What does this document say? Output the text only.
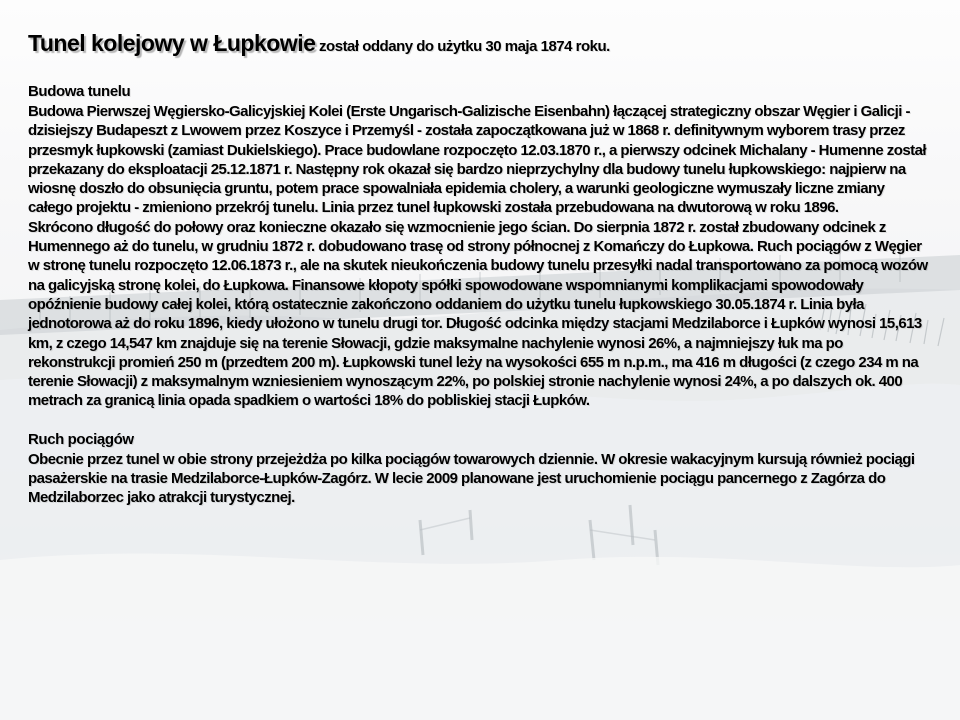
Tunel kolejowy w Łupkowie został oddany do użytku 30 maja 1874 roku.
Budowa tunelu
Budowa Pierwszej Węgiersko-Galicyjskiej Kolei (Erste Ungarisch-Galizische Eisenbahn) łączącej strategiczny obszar Węgier i Galicji - dzisiejszy Budapeszt z Lwowem przez Koszyce i Przemyśl - została zapoczątkowana już w 1868 r. definitywnym wyborem trasy przez przesmyk łupkowski (zamiast Dukielskiego). Prace budowlane rozpoczęto 12.03.1870 r., a pierwszy odcinek Michalany - Humenne został przekazany do eksploatacji 25.12.1871 r. Następny rok okazał się bardzo nieprzychylny dla budowy tunelu łupkowskiego: najpierw na wiosnę doszło do obsunięcia gruntu, potem prace spowalniała epidemia cholery, a warunki geologiczne wymuszały liczne zmiany całego projektu - zmieniono przekrój tunelu. Linia przez tunel łupkowski została przebudowana na dwutorową w roku 1896.
Skrócono długość do połowy oraz konieczne okazało się wzmocnienie jego ścian. Do sierpnia 1872 r. został zbudowany odcinek z Humennego aż do tunelu, w grudniu 1872 r. dobudowano trasę od strony północnej z Komańczy do Łupkowa. Ruch pociągów z Węgier w stronę tunelu rozpoczęto 12.06.1873 r., ale na skutek nieukończenia budowy tunelu przesyłki nadal transportowano za pomocą wozów na galicyjską stronę kolei, do Łupkowa. Finansowe kłopoty spółki spowodowane wspomnianymi komplikacjami spowodowały opóźnienie budowy całej kolei, którą ostatecznie zakończono oddaniem do użytku tunelu łupkowskiego 30.05.1874 r. Linia była jednotorowa aż do roku 1896, kiedy ułożono w tunelu drugi tor. Długość odcinka między stacjami Medzilaborce i Łupków wynosi 15,613 km, z czego 14,547 km znajduje się na terenie Słowacji, gdzie maksymalne nachylenie wynosi 26%, a najmniejszy łuk ma po rekonstrukcji promień 250 m (przedtem 200 m). Łupkowski tunel leży na wysokości 655 m n.p.m., ma 416 m długości (z czego 234 m na terenie Słowacji) z maksymalnym wzniesieniem wynoszącym 22%, po polskiej stronie nachylenie wynosi 24%, a po dalszych ok. 400 metrach za granicą linia opada spadkiem o wartości 18% do pobliskiej stacji Łupków.
Ruch pociągów
Obecnie przez tunel w obie strony przejeżdża po kilka pociągów towarowych dziennie. W okresie wakacyjnym kursują również pociągi pasażerskie na trasie Medzilaborce-Łupków-Zagórz. W lecie 2009 planowane jest uruchomienie pociągu pancernego z Zagórza do Medzilaborzec jako atrakcji turystycznej.
